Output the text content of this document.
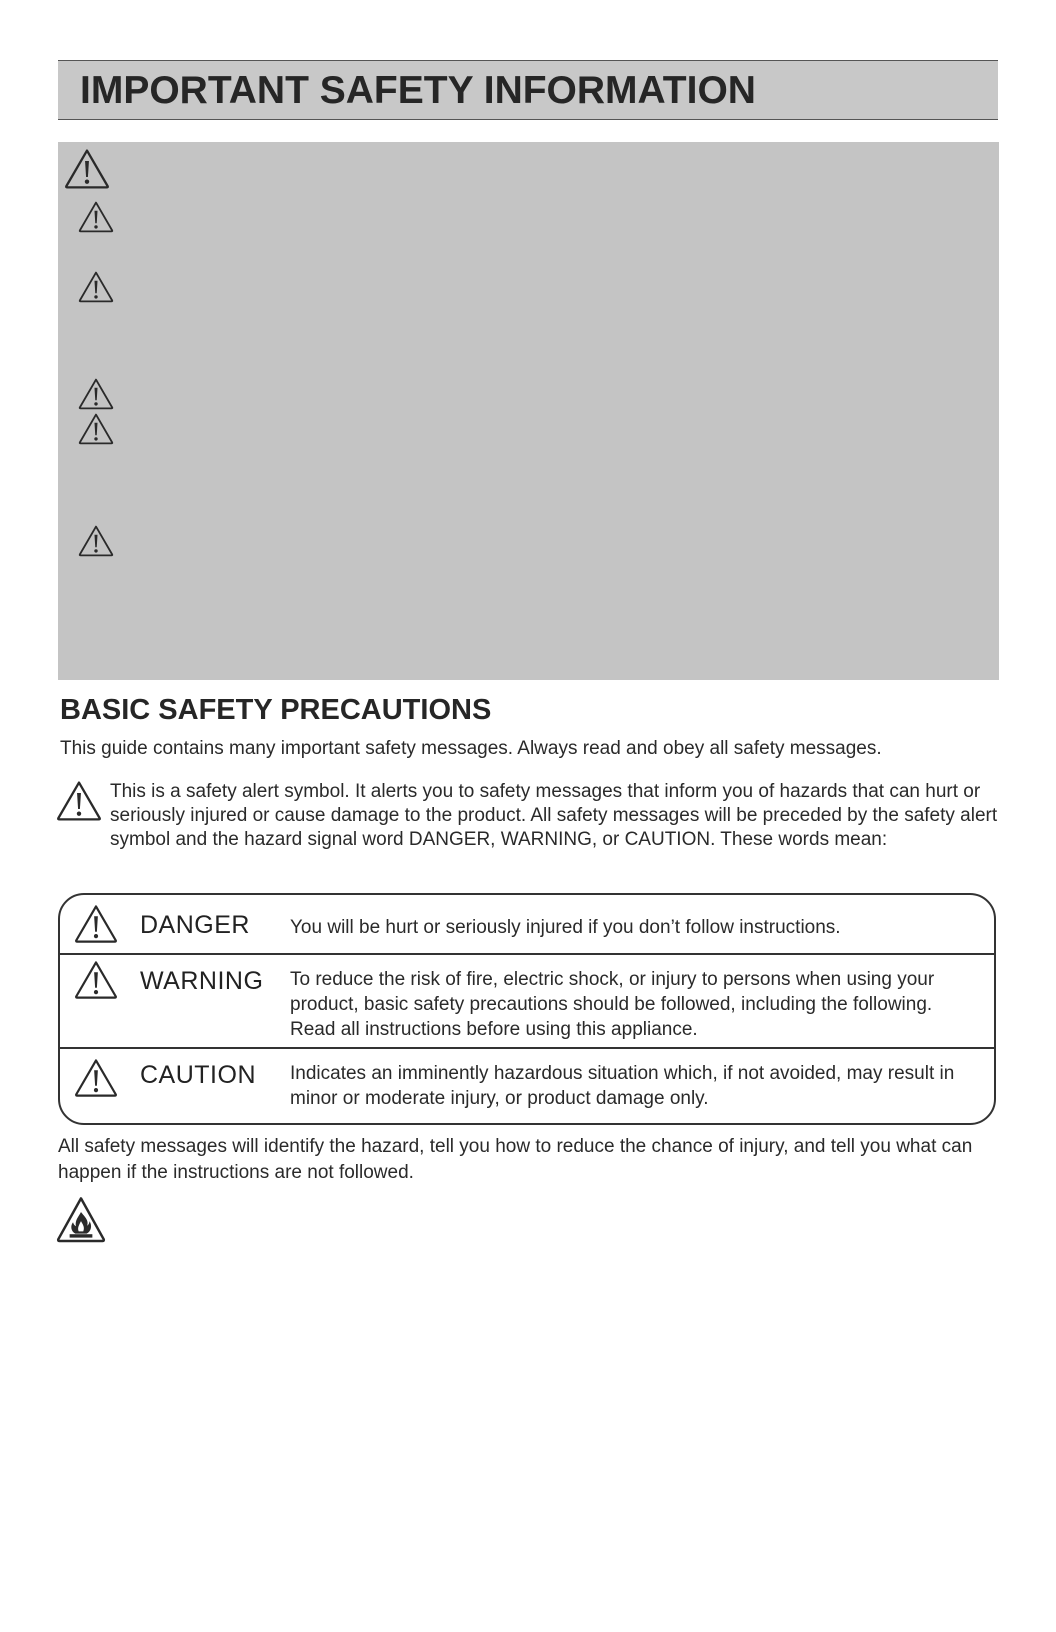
IMPORTANT SAFETY INFORMATION
BASIC SAFETY PRECAUTIONS

This guide contains many important safety messages. Always read and obey all safety messages.

This is a safety alert symbol. It alerts you to safety messages that inform you of hazards that can hurt or seriously injured or cause damage to the product. All safety messages will be preceded by the safety alert symbol and the hazard signal word DANGER, WARNING, or CAUTION. These words mean:

DANGER You will be hurt or seriously injured if you don’t follow instructions.
WARNING To reduce the risk of fire, electric shock, or injury to persons when using your product, basic safety precautions should be followed, including the following. Read all instructions before using this appliance.
CAUTION Indicates an imminently hazardous situation which, if not avoided, may result in minor or moderate injury, or product damage only.

All safety messages will identify the hazard, tell you how to reduce the chance of injury, and tell you what can happen if the instructions are not followed.
